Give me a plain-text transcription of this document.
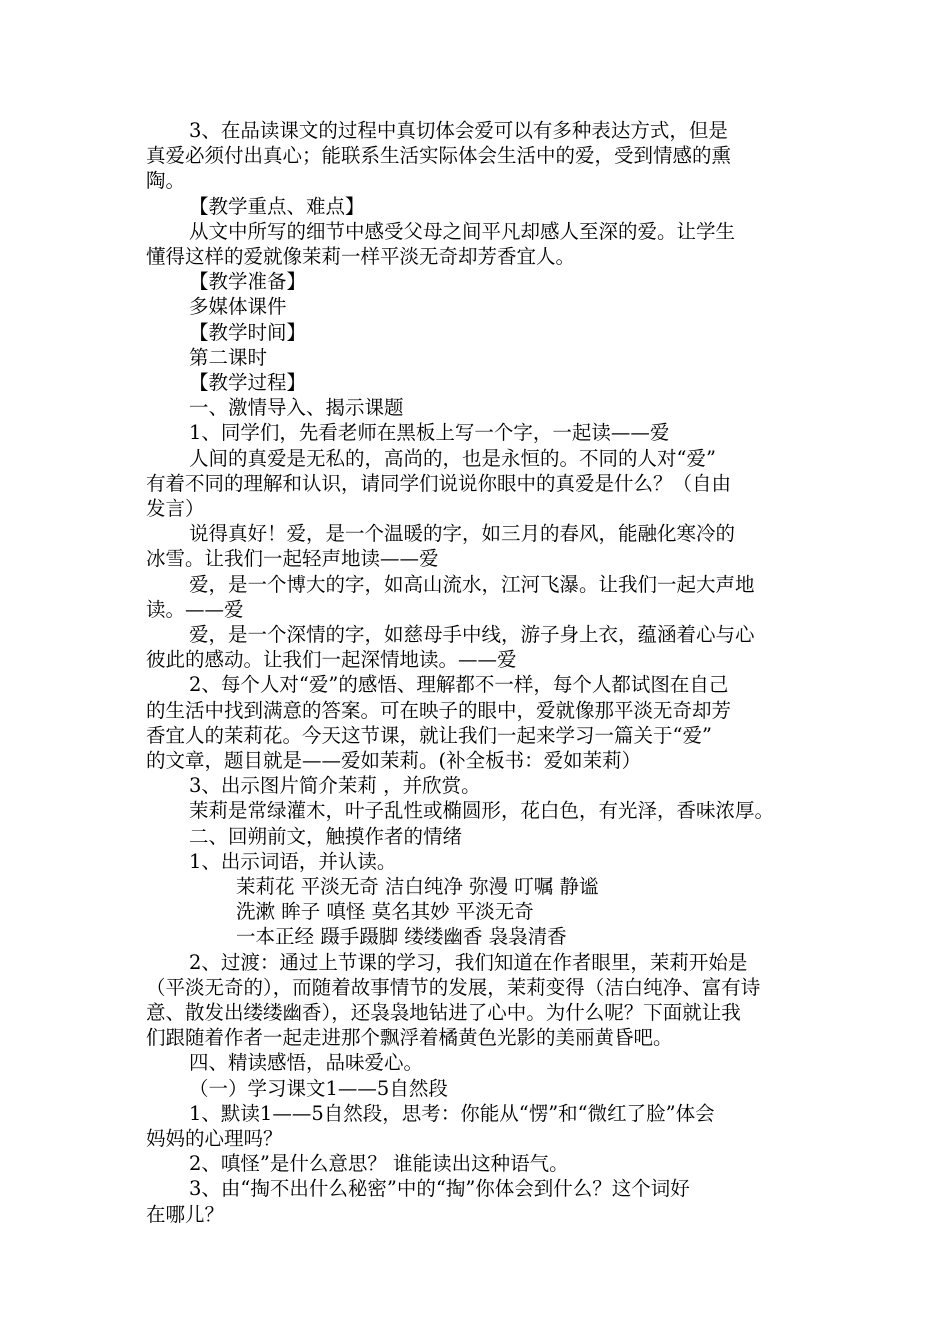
3、在品读课文的过程中真切体会爱可以有多种表达方式，但是
真爱必须付出真心；能联系生活实际体会生活中的爱，受到情感的熏
陶。
【教学重点、难点】
从文中所写的细节中感受父母之间平凡却感人至深的爱。让学生
懂得这样的爱就像茉莉一样平淡无奇却芳香宜人。
【教学准备】
多媒体课件
【教学时间】
第二课时
【教学过程】
一、激情导入、揭示课题
1、同学们，先看老师在黑板上写一个字，一起读——爱
人间的真爱是无私的，高尚的，也是永恒的。不同的人对“爱”
有着不同的理解和认识，请同学们说说你眼中的真爱是什么？（自由
发言）
说得真好！爱，是一个温暖的字，如三月的春风，能融化寒冷的
冰雪。让我们一起轻声地读——爱
爱，是一个博大的字，如高山流水，江河飞瀑。让我们一起大声地
读。——爱
爱，是一个深情的字，如慈母手中线，游子身上衣，蕴涵着心与心
彼此的感动。让我们一起深情地读。——爱
2、每个人对“爱”的感悟、理解都不一样，每个人都试图在自己
的生活中找到满意的答案。可在映子的眼中，爱就像那平淡无奇却芳
香宜人的茉莉花。今天这节课，就让我们一起来学习一篇关于“爱”
的文章，题目就是——爱如茉莉。(补全板书：爱如茉莉）
3、出示图片简介茉莉 ，并欣赏。
茉莉是常绿灌木，叶子乱性或椭圆形，花白色，有光泽，香味浓厚。
二、回朔前文，触摸作者的情绪
1、出示词语，并认读。
茉莉花 平淡无奇 洁白纯净 弥漫 叮嘱 静谧
洗漱 眸子 嗔怪 莫名其妙 平淡无奇
一本正经 蹑手蹑脚 缕缕幽香 袅袅清香
2、过渡：通过上节课的学习，我们知道在作者眼里，茉莉开始是
（平淡无奇的），而随着故事情节的发展，茉莉变得（洁白纯净、富有诗
意、散发出缕缕幽香），还袅袅地钻进了心中。为什么呢？下面就让我
们跟随着作者一起走进那个飘浮着橘黄色光影的美丽黄昏吧。
四、精读感悟，品味爱心。
（一）学习课文1——5自然段
1、默读1——5自然段，思考：你能从“愣”和“微红了脸”体会
妈妈的心理吗？
2、嗔怪”是什么意思？ 谁能读出这种语气。
3、由“掏不出什么秘密”中的“掏”你体会到什么？这个词好
在哪儿？
